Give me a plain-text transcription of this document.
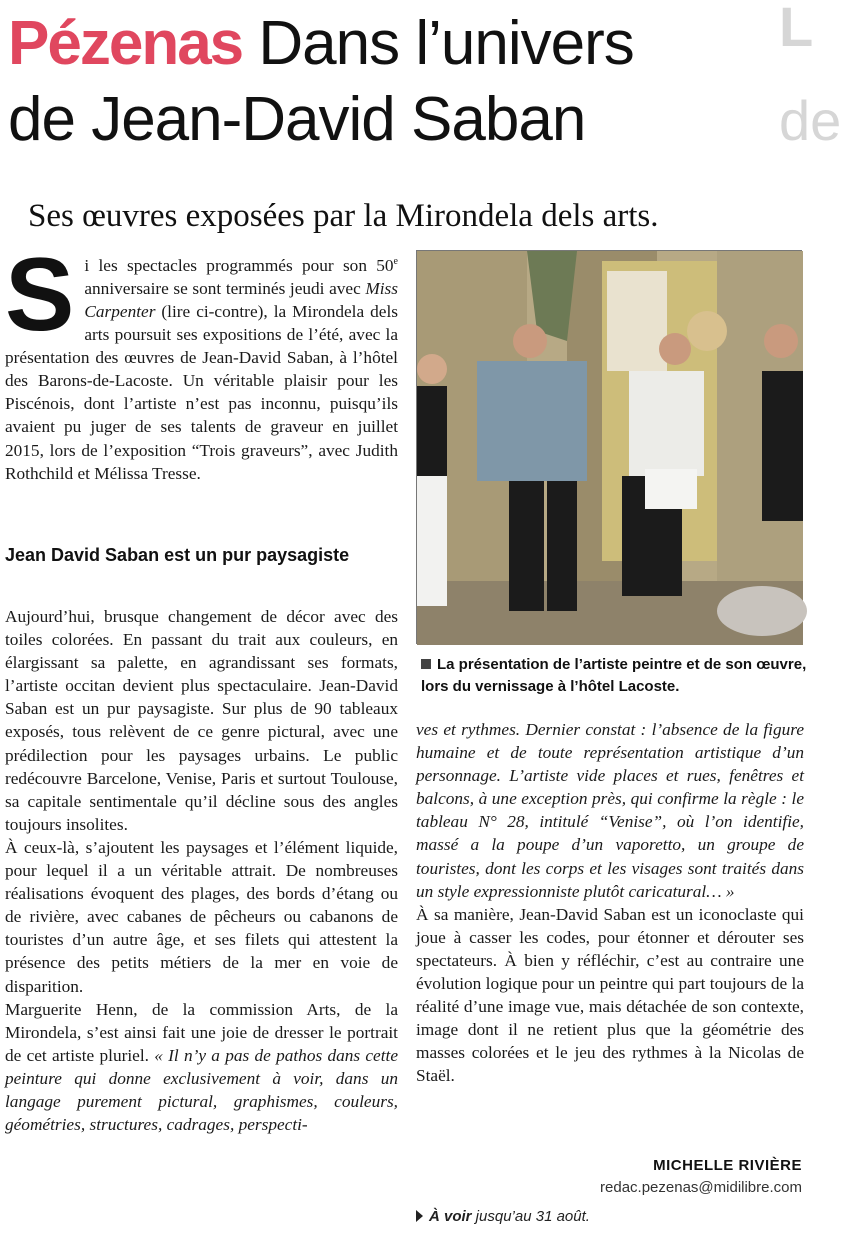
L
de
Pézenas Dans l’univers
de Jean-David Saban
Ses œuvres exposées par la Mirondela dels arts.
Si les spectacles programmés pour son 50e anniversaire se sont terminés jeudi avec Miss Carpenter (lire ci-contre), la Mirondela dels arts poursuit ses expositions de l’été, avec la présentation des œuvres de Jean-David Saban, à l’hôtel des Barons-de-Lacoste. Un véritable plaisir pour les Piscénois, dont l’artiste n’est pas inconnu, puisqu’ils avaient pu juger de ses talents de graveur en juillet 2015, lors de l’exposition “Trois graveurs”, avec Judith Rothchild et Mélissa Tresse.
Jean David Saban est un pur paysagiste

Aujourd’hui, brusque changement de décor avec des toiles colorées. En passant du trait aux couleurs, en élargissant sa palette, en agrandissant ses formats, l’artiste occitan devient plus spectaculaire. Jean-David Saban est un pur paysagiste. Sur plus de 90 tableaux exposés, tous relèvent de ce genre pictural, avec une prédilection pour les paysages urbains. Le public redécouvre Barcelone, Venise, Paris et surtout Toulouse, sa capitale sentimentale qu’il décline sous des angles toujours insolites.

À ceux-là, s’ajoutent les paysages et l’élément liquide, pour lequel il a un véritable attrait. De nombreuses réalisations évoquent des plages, des bords d’étang ou de rivière, avec cabanes de pêcheurs ou cabanons de touristes d’un autre âge, et ses filets qui attestent la présence des petits métiers de la mer en voie de disparition.

Marguerite Henn, de la commission Arts, de la Mirondela, s’est ainsi fait une joie de dresser le portrait de cet artiste pluriel. « Il n’y a pas de pathos dans cette peinture qui donne exclusivement à voir, dans un langage purement pictural, graphismes, couleurs, géométries, structures, cadrages, perspecti-

La présentation de l’artiste peintre et de son œuvre, lors du vernissage à l’hôtel Lacoste.

ves et rythmes. Dernier constat : l’absence de la figure humaine et de toute représentation artistique d’un personnage. L’artiste vide places et rues, fenêtres et balcons, à une exception près, qui confirme la règle : le tableau N° 28, intitulé “Venise”, où l’on identifie, massé a la poupe d’un vaporetto, un groupe de touristes, dont les corps et les visages sont traités dans un style expressionniste plutôt caricatural… »

À sa manière, Jean-David Saban est un iconoclaste qui joue à casser les codes, pour étonner et dérouter ses spectateurs. À bien y réfléchir, c’est au contraire une évolution logique pour un peintre qui part toujours de la réalité d’une image vue, mais détachée de son contexte, image dont il ne retient plus que la géométrie des masses colorées et le jeu des rythmes à la Nicolas de Staël.

MICHELLE RIVIÈRE
redac.pezenas@midilibre.com
À voir jusqu’au 31 août.
